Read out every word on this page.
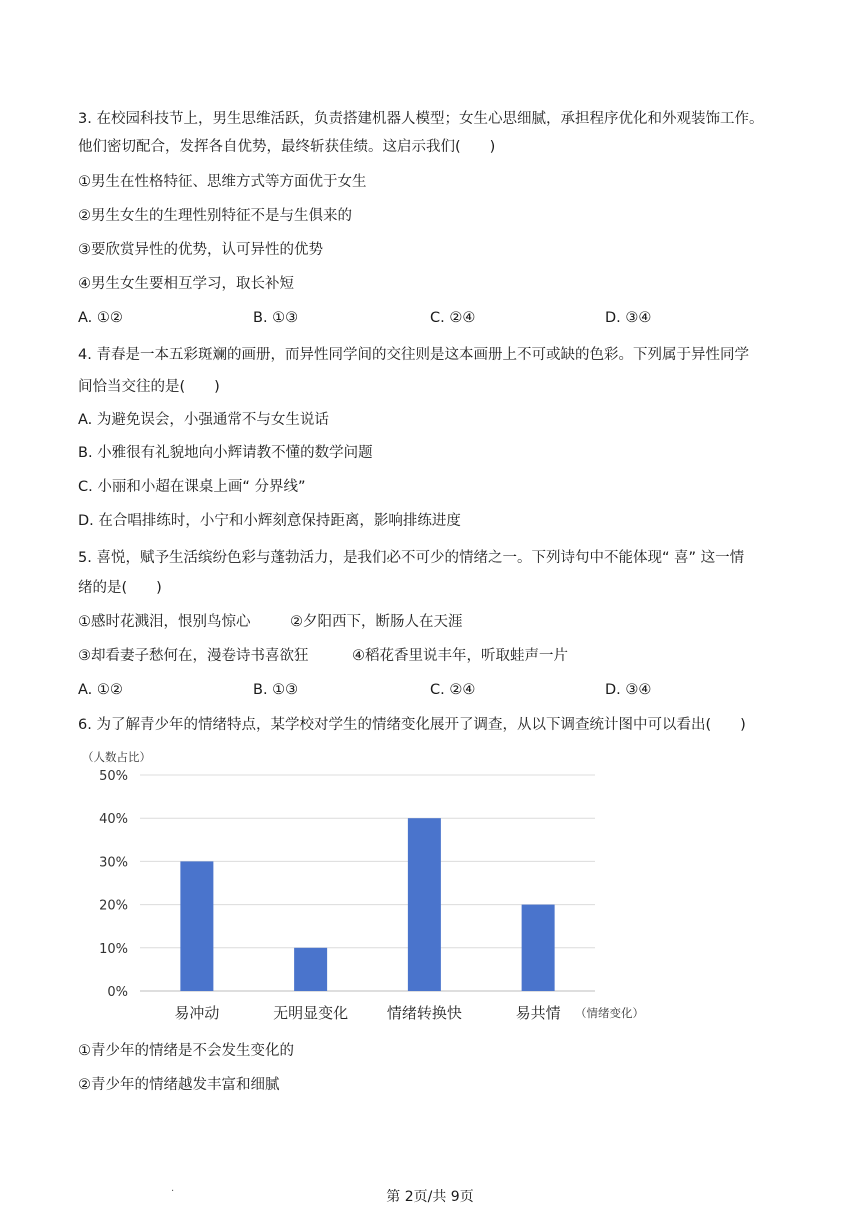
3. 在校园科技节上，男生思维活跃，负责搭建机器人模型；女生心思细腻，承担程序优化和外观装饰工作。
他们密切配合，发挥各自优势，最终斩获佳绩。这启示我们(　　)
①男生在性格特征、思维方式等方面优于女生
②男生女生的生理性别特征不是与生俱来的
③要欣赏异性的优势，认可异性的优势
④男生女生要相互学习，取长补短
A. ①②	B. ①③	C. ②④	D. ③④
4. 青春是一本五彩斑斓的画册，而异性同学间的交往则是这本画册上不可或缺的色彩。下列属于异性同学
间恰当交往的是(　　)
A. 为避免误会，小强通常不与女生说话
B. 小雅很有礼貌地向小辉请教不懂的数学问题
C. 小丽和小超在课桌上画“ 分界线”
D. 在合唱排练时，小宁和小辉刻意保持距离，影响排练进度
5. 喜悦，赋予生活缤纷色彩与蓬勃活力，是我们必不可少的情绪之一。下列诗句中不能体现“ 喜” 这一情
绪的是(　　)
①感时花溅泪，恨别鸟惊心	②夕阳西下，断肠人在天涯
③却看妻子愁何在，漫卷诗书喜欲狂	④稻花香里说丰年，听取蛙声一片
A. ①②	B. ①③	C. ②④	D. ③④
6. 为了解青少年的情绪特点，某学校对学生的情绪变化展开了调查，从以下调查统计图中可以看出(　　)
（人数占比）
0%
10%
20%
30%
40%
50%
易冲动	无明显变化	情绪转换快	易共情 （情绪变化）
①青少年的情绪是不会发生变化的
②青少年的情绪越发丰富和细腻
.
第 2页/共 9页
